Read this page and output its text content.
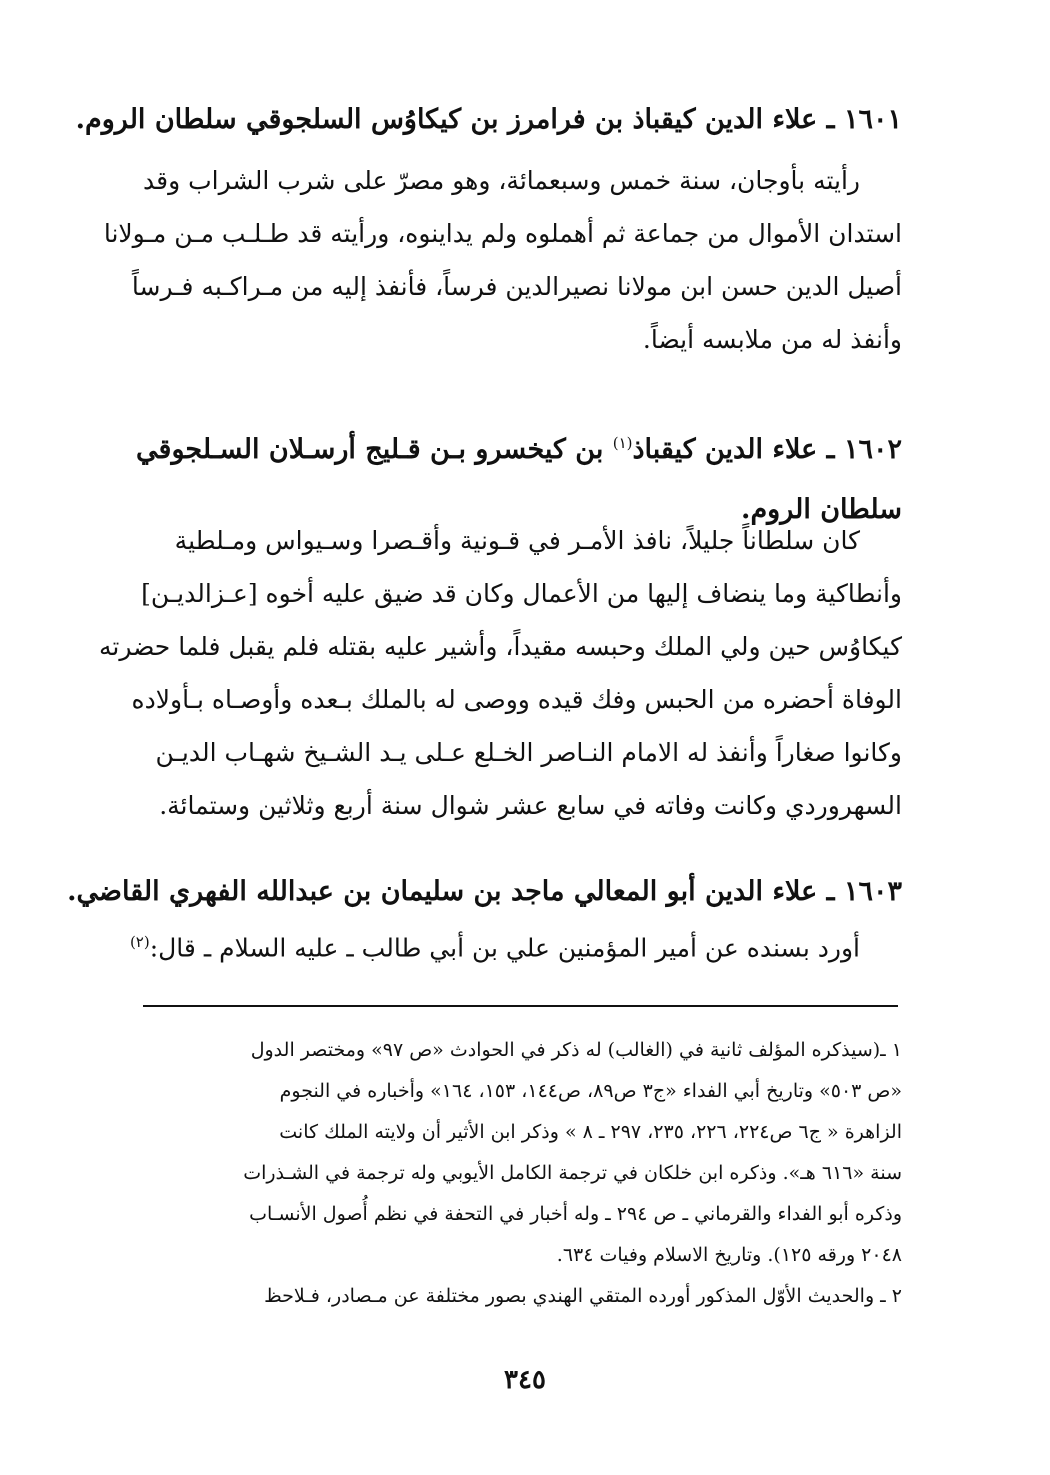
١٦٠١ ـ علاء الدين كيقباذ بن فرامرز بن كيكاوُس السلجوقي سلطان الروم.
رأيته بأوجان، سنة خمس وسبعمائة، وهو مصرّ على شرب الشراب وقد
استدان الأموال من جماعة ثم أهملوه ولم يداينوه، ورأيته قد طـلـب مـن مـولانا
أصيل الدين حسن ابن مولانا نصيرالدين فرساً، فأنفذ إليه من مـراكـبه فـرساً
وأنفذ له من ملابسه أيضاً.
١٦٠٢ ـ علاء الدين كيقباذ$^{(١)}$ بن كيخسرو بـن قـليج أرسـلان السـلجوقي
سلطان الروم.
كان سلطاناً جليلاً، نافذ الأمـر في قـونية وأقـصرا وسـيواس ومـلطية
وأنطاكية وما ينضاف إليها من الأعمال وكان قد ضيق عليه أخوه [عـزالديـن]
كيكاوُس حين ولي الملك وحبسه مقيداً، وأشير عليه بقتله فلم يقبل فلما حضرته
الوفاة أحضره من الحبس وفك قيده ووصى له بالملك بـعده وأوصـاه بـأولاده
وكانوا صغاراً وأنفذ له الامام النـاصر الخـلع عـلى يـد الشـيخ شهـاب الديـن
السهروردي وكانت وفاته في سابع عشر شوال سنة أربع وثلاثين وستمائة.
١٦٠٣ ـ علاء الدين أبو المعالي ماجد بن سليمان بن عبدالله الفهري القاضي.
أورد بسنده عن أمير المؤمنين علي بن أبي طالب ـ عليه السلام ـ قال:$^{(٢)}$
١ ـ(سيذكره المؤلف ثانية في (الغالب) له ذكر في الحوادث «ص ٩٧» ومختصر الدول
«ص ٥٠٣» وتاريخ أبي الفداء «ج٣ ص٨٩، ص١٤٤، ١٥٣، ١٦٤» وأخباره في النجوم
الزاهرة « ج٦ ص٢٢٤، ٢٢٦، ٢٣٥، ٢٩٧ ـ ٨ » وذكر ابن الأثير أن ولايته الملك كانت
سنة «٦١٦ هـ». وذكره ابن خلكان في ترجمة الكامل الأيوبي وله ترجمة في الشـذرات
وذكره أبو الفداء والقرماني ـ ص ٢٩٤ ـ وله أخبار في التحفة في نظم أُصول الأنسـاب
٢٠٤٨ ورقه ١٢٥). وتاريخ الاسلام وفيات ٦٣٤.
٢ ـ والحديث الأوّل المذكور أورده المتقي الهندي بصور مختلفة عن مـصادر، فـلاحظ
٣٤٥
